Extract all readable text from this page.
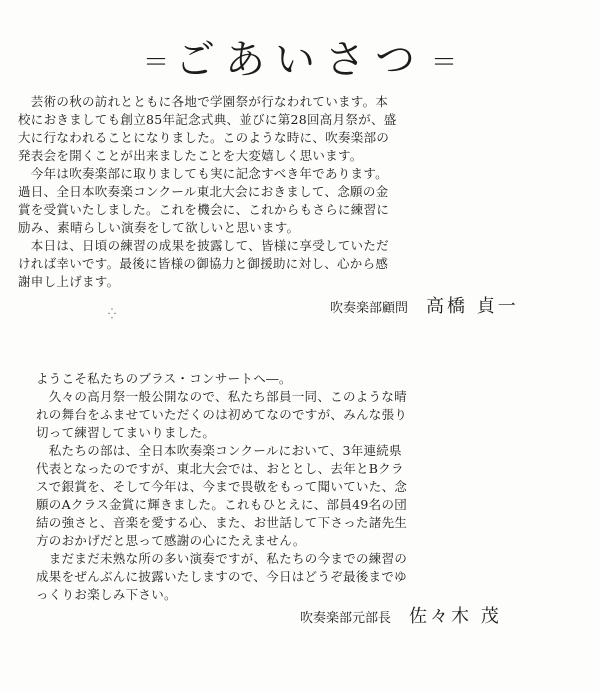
＝ ごあいさつ ＝
　芸術の秋の訪れとともに各地で学園祭が行なわれています。本
校におきましても創立85年記念式典、並びに第28回高月祭が、盛
大に行なわれることになりました。このような時に、吹奏楽部の
発表会を開くことが出来ましたことを大変嬉しく思います。
　今年は吹奏楽部に取りましても実に記念すべき年であります。
過日、全日本吹奏楽コンクール東北大会におきまして、念願の金
賞を受賞いたしました。これを機会に、これからもさらに練習に
励み、素晴らしい演奏をして欲しいと思います。
　本日は、日頃の練習の成果を披露して、皆様に享受していただ
ければ幸いです。最後に皆様の御協力と御援助に対し、心から感
謝申し上げます。
吹奏楽部顧問 高橋 貞一
⁛
ようこそ私たちのブラス・コンサートへ―。
　久々の高月祭一般公開なので、私たち部員一同、このような晴
れの舞台をふませていただくのは初めてなのですが、みんな張り
切って練習してまいりました。
　私たちの部は、全日本吹奏楽コンクールにおいて、3年連続県
代表となったのですが、東北大会では、おととし、去年とBクラ
スで銀賞を、そして今年は、今まで畏敬をもって聞いていた、念
願のAクラス金賞に輝きました。これもひとえに、部員49名の団
結の強さと、音楽を愛する心、また、お世話して下さった諸先生
方のおかげだと思って感謝の心にたえません。
　まだまだ未熟な所の多い演奏ですが、私たちの今までの練習の
成果をぜんぶんに披露いたしますので、今日はどうぞ最後までゆ
っくりお楽しみ下さい。
吹奏楽部元部長 佐々木 茂
